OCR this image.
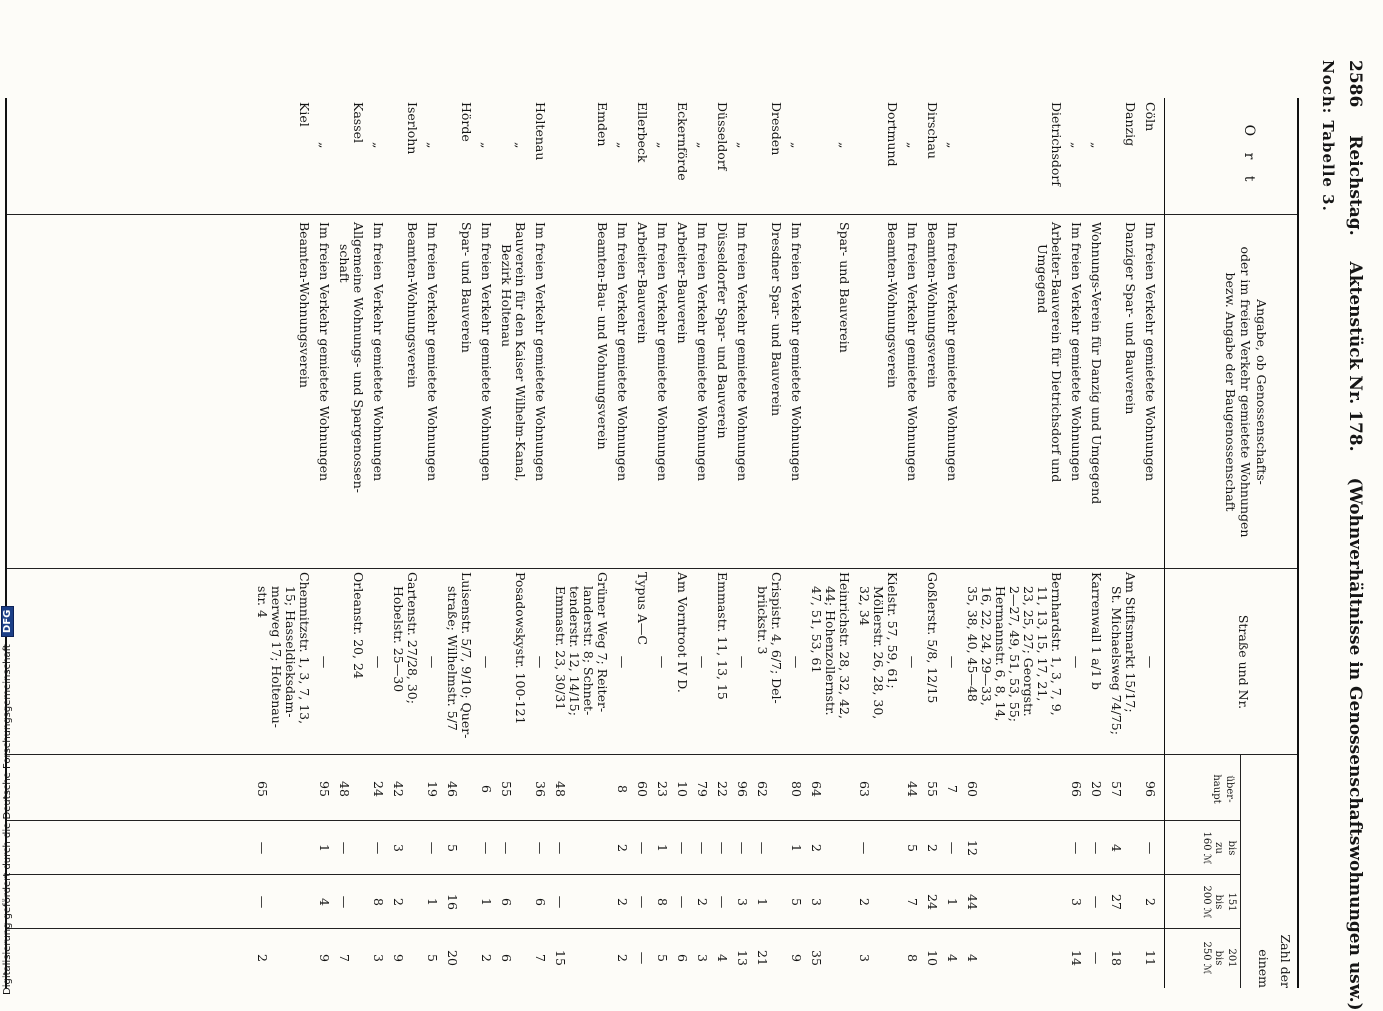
2586 Reichstag. Aktenstück Nr. 178. (Wohnverhältnisse in Genossenschaftswohnungen usw.)
Noch: Tabelle 3.
O r t
Angabe, ob Genossenschafts-
oder im freien Verkehr gemietete Wohnungen
bezw. Angabe der Baugenossenschaft
Straße und Nr.
Zahl der
einem
über-
haupt
bis
zu
160 ℳ
151
bis
200 ℳ
201
bis
250 ℳ
Cöln
Im freien Verkehr gemietete Wohnungen
—
96
—
2
11
Danzig
Danziger Spar- und Bauverein
Am Stiftsmarkt 15/17;
St. Michaelsweg 74/75;
57
4
27
18
„
Wohnungs-Verein für Danzig und Umgegend
Karrenwall 1 a/1 b
20
—
—
—
„
Im freien Verkehr gemietete Wohnungen
—
66
—
3
14
Dietrichsdorf
Arbeiter-Bauverein für Dietrichsdorf und
Umgegend
Bernhardstr. 1, 3, 7, 9,
11, 13, 15, 17, 21,
23, 25, 27; Georgstr.
2—27, 49, 51, 53, 55;
Hermannstr. 6, 8, 14,
16, 22, 24, 29—33,
35, 38, 40, 45—48
60
12
44
4
„
Im freien Verkehr gemietete Wohnungen
—
7
—
1
4
Dirschau
Beamten-Wohnungsverein
Goßlerstr. 5/8, 12/15
55
2
24
10
„
Im freien Verkehr gemietete Wohnungen
—
44
5
7
8
Dortmund
Beamten-Wohnungsverein
Kielstr. 57, 59, 61;
Möllerstr. 26, 28, 30,
32, 34
63
—
2
3
„
Spar- und Bauverein
Heinrichstr. 28, 32, 42,
44; Hohenzollernstr.
47, 51, 53, 61
64
2
3
35
„
Im freien Verkehr gemietete Wohnungen
—
80
1
5
9
Dresden
Dresdner Spar- und Bauverein
Crispistr. 4, 6/7; Del-
briickstr. 3
62
—
1
21
„
Im freien Verkehr gemietete Wohnungen
—
96
—
3
13
Düsseldorf
Düsseldorfer Spar- und Bauverein
Emmastr. 11, 13, 15
22
—
—
4
„
Im freien Verkehr gemietete Wohnungen
—
79
—
2
3
Eckernförde
Arbeiter-Bauverein
Am Vorntroot IV D.
10
—
—
6
„
Im freien Verkehr gemietete Wohnungen
—
23
1
8
5
Ellerbeck
Arbeiter-Bauverein
Typus A—C
60
—
—
—
„
Im freien Verkehr gemietete Wohnungen
—
8
2
2
2
Emden
Beamten-Bau- und Wohnungsverein
Grüner Weg 7; Reiter-
landerstr. 8; Schnet-
tenderstr. 12, 14/15;
Emmastr. 23, 30/31
48
—
—
15
Holtenau
Im freien Verkehr gemietete Wohnungen
—
36
—
6
7
„
Bauverein für den Kaiser Wilhelm-Kanal,
Bezirk Holtenau
Posadowskystr. 100-121
55
—
6
6
„
Im freien Verkehr gemietete Wohnungen
—
6
—
1
2
Hörde
Spar- und Bauverein
Luisenstr. 5/7, 9/10; Quer-
straße; Wilhelmstr. 5/7
46
5
16
20
„
Im freien Verkehr gemietete Wohnungen
—
19
—
1
5
Iserlohn
Beamten-Wohnungsverein
Gartenstr. 27/28, 30;
Hobelstr. 25—30
42
3
2
9
„
Im freien Verkehr gemietete Wohnungen
—
24
—
8
3
Kassel
Allgemeine Wohnungs- und Spargenossen-
schaft
Orleanstr. 20, 24
48
—
—
7
„
Im freien Verkehr gemietete Wohnungen
—
95
1
4
9
Kiel
Beamten-Wohnungsverein
Chemnitzstr. 1, 3, 7, 13,
15; Hasseldieksdam-
merweg 17; Holtenau-
str. 4
65
—
—
2
Digitalisierung gefördert durch die Deutsche Forschungsgemeinschaft DFG
